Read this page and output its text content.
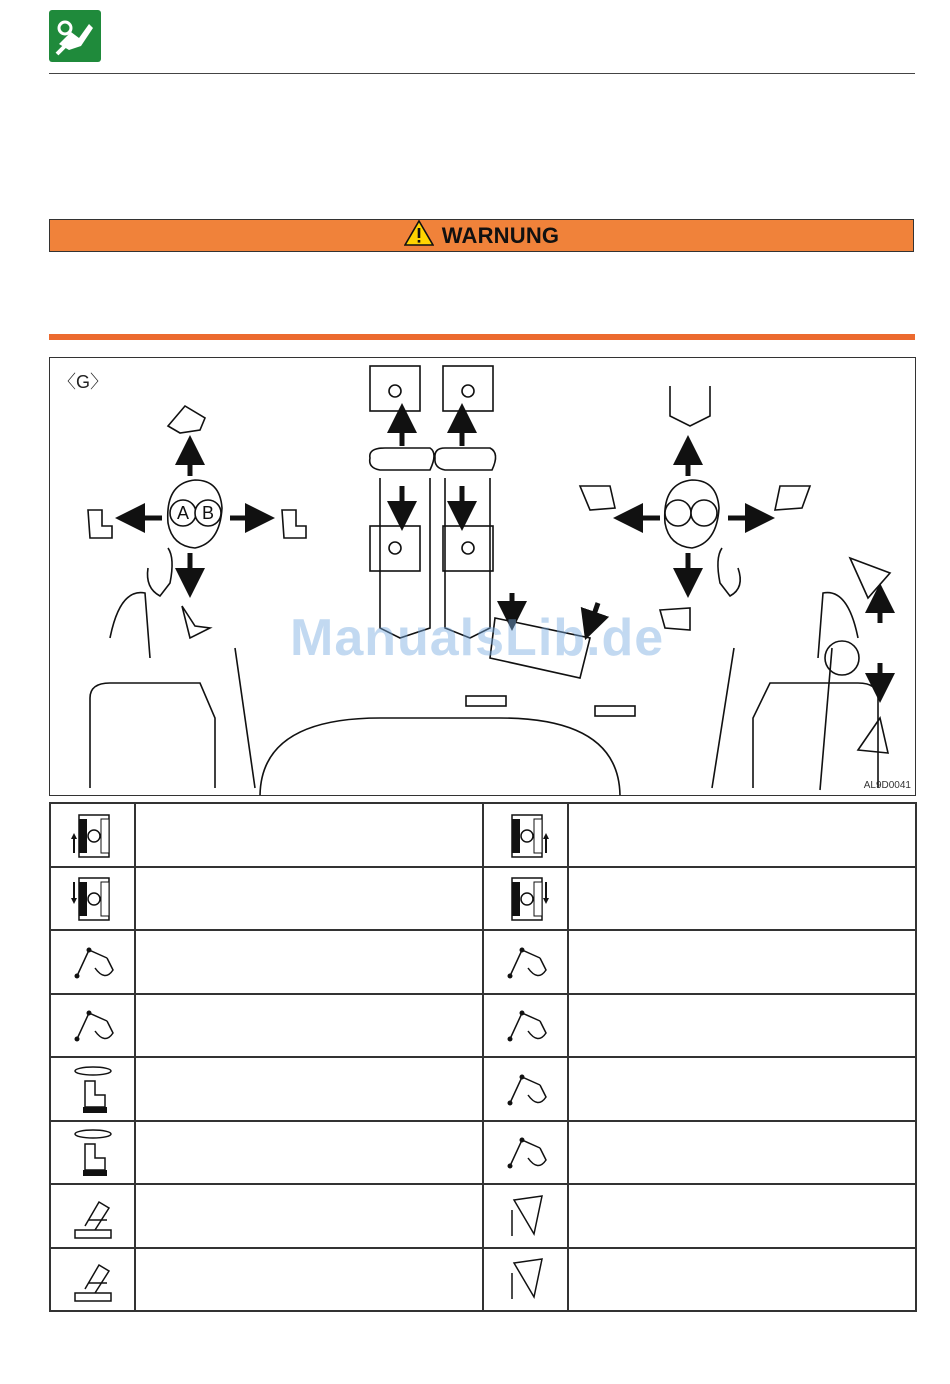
WARNUNG
〈G〉
A B
ManualsLib.de
AL9D0041
